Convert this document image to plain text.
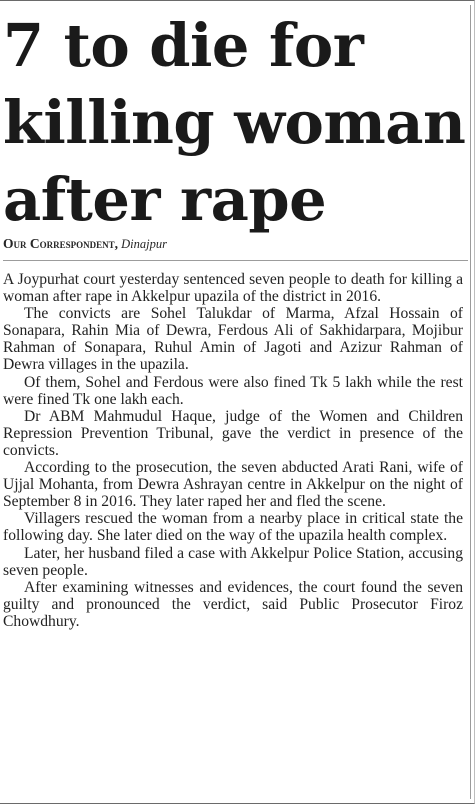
7 to die for
killing woman
after rape
Our Correspondent, Dinajpur

A Joypurhat court yesterday sentenced seven people to death for killing a woman after rape in Akkelpur upazila of the district in 2016.

The convicts are Sohel Talukdar of Marma, Afzal Hossain of Sonapara, Rahin Mia of Dewra, Ferdous Ali of Sakhidarpara, Mojibur Rahman of Sonapara, Ruhul Amin of Jagoti and Azizur Rahman of Dewra villages in the upazila.

Of them, Sohel and Ferdous were also fined Tk 5 lakh while the rest were fined Tk one lakh each.

Dr ABM Mahmudul Haque, judge of the Women and Children Repression Prevention Tribunal, gave the verdict in presence of the convicts.

According to the prosecution, the seven abducted Arati Rani, wife of Ujjal Mohanta, from Dewra Ashrayan centre in Akkelpur on the night of September 8 in 2016. They later raped her and fled the scene.

Villagers rescued the woman from a nearby place in critical state the following day. She later died on the way of the upazila health complex.

Later, her husband filed a case with Akkelpur Police Station, accusing seven people.

After examining witnesses and evidences, the court found the seven guilty and pronounced the verdict, said Public Prosecutor Firoz Chowdhury.
